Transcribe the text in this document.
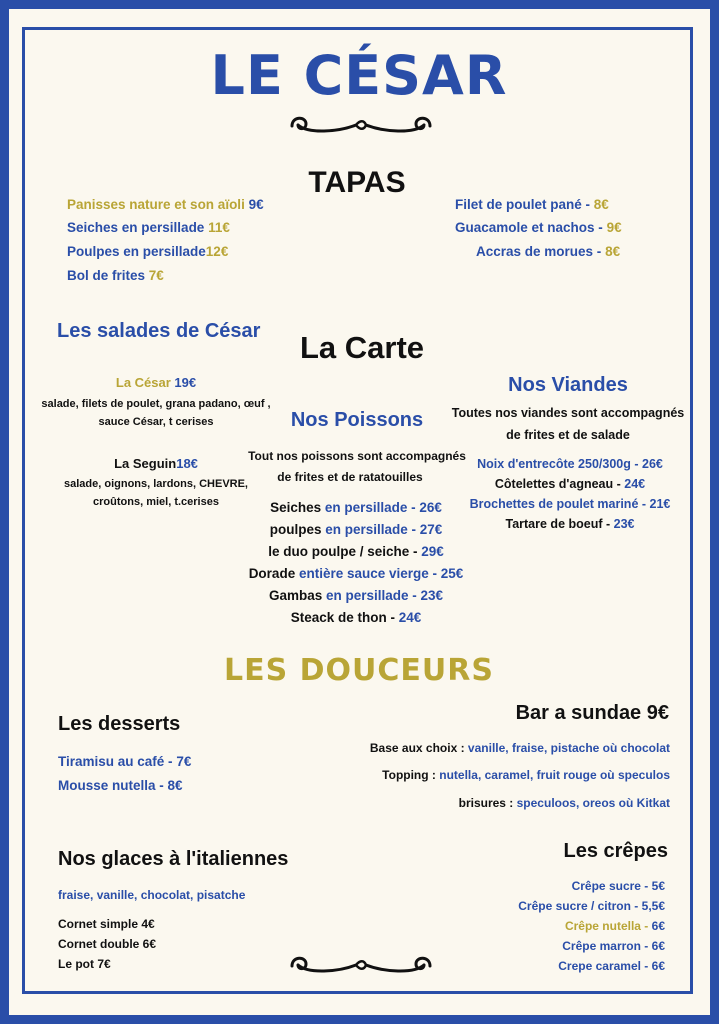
LE CÉSAR
TAPAS
Panisses nature et son aïoli 9€
Seiches en persillade 11€
Poulpes en persillade12€
Bol de frites 7€
Filet de poulet pané - 8€
Guacamole et nachos - 9€
Accras de morues - 8€
Les salades de César La Carte
La César 19€
salade, filets de poulet, grana padano, œuf ,
sauce César, t cerises
La Seguin18€
salade, oignons, lardons, CHEVRE,
croûtons, miel, t.cerises
Nos Poissons
Tout nos poissons sont accompagnés
de frites et de ratatouilles
Seiches en persillade - 26€
poulpes en persillade - 27€
le duo poulpe / seiche - 29€
Dorade entière sauce vierge - 25€
Gambas en persillade - 23€
Steack de thon - 24€
Nos Viandes
Toutes nos viandes sont accompagnés
de frites et de salade
Noix d'entrecôte 250/300g - 26€
Côtelettes d'agneau - 24€
Brochettes de poulet mariné - 21€
Tartare de boeuf - 23€
LES DOUCEURS
Les desserts
Tiramisu au café - 7€
Mousse nutella - 8€
Bar a sundae 9€
Base aux choix : vanille, fraise, pistache où chocolat
Topping : nutella, caramel, fruit rouge où speculos
brisures : speculoos, oreos où Kitkat
Nos glaces à l'italiennes
fraise, vanille, chocolat, pisatche
Cornet simple 4€
Cornet double 6€
Le pot 7€
Les crêpes
Crêpe sucre - 5€
Crêpe sucre / citron - 5,5€
Crêpe nutella - 6€
Crêpe marron - 6€
Crepe caramel - 6€
